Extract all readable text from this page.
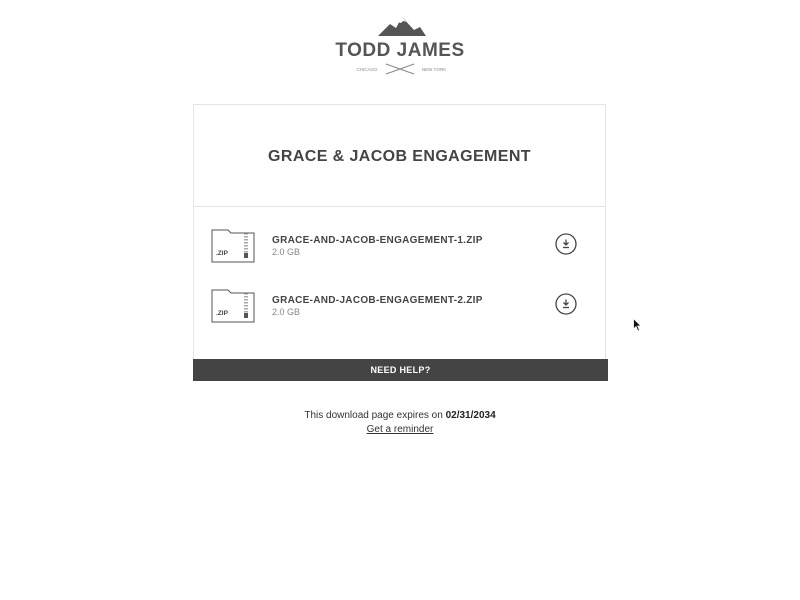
TODD JAMES
CHICAGO	NEW YORK
GRACE & JACOB ENGAGEMENT
.ZIP
GRACE-AND-JACOB-ENGAGEMENT-1.ZIP
2.0 GB
.ZIP
GRACE-AND-JACOB-ENGAGEMENT-2.ZIP
2.0 GB
NEED HELP?
This download page expires on 02/31/2034
Get a reminder
